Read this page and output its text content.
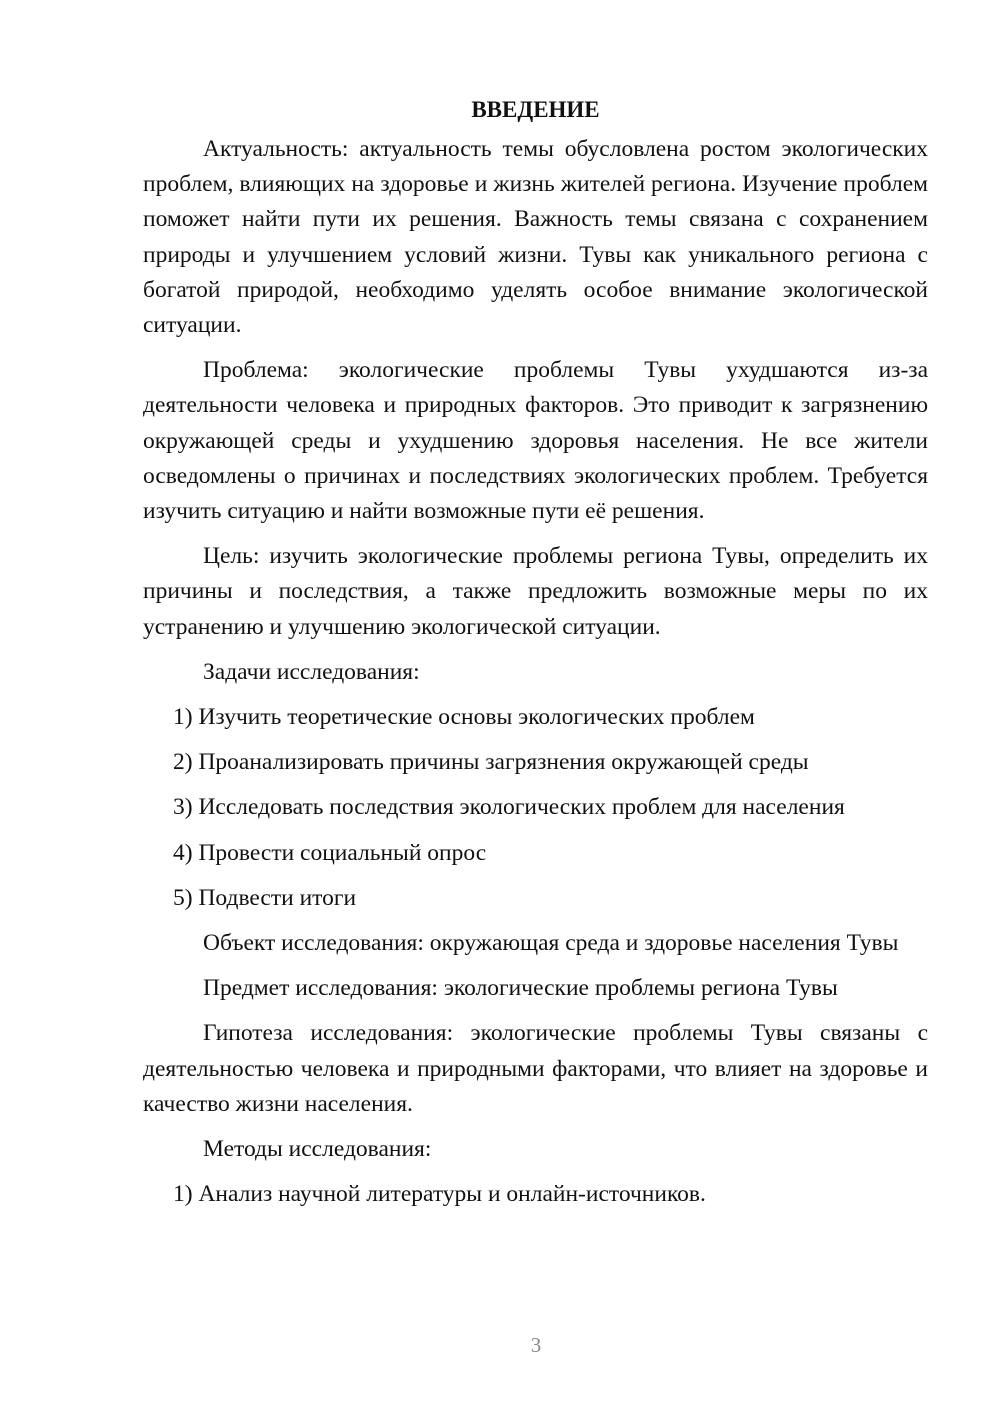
ВВЕДЕНИЕ

Актуальность: актуальность темы обусловлена ростом экологических проблем, влияющих на здоровье и жизнь жителей региона. Изучение проблем поможет найти пути их решения. Важность темы связана с сохранением природы и улучшением условий жизни. Тувы как уникального региона с богатой природой, необходимо уделять особое внимание экологической ситуации.

Проблема: экологические проблемы Тувы ухудшаются из-за деятельности человека и природных факторов. Это приводит к загрязнению окружающей среды и ухудшению здоровья населения. Не все жители осведомлены о причинах и последствиях экологических проблем. Требуется изучить ситуацию и найти возможные пути её решения.

Цель: изучить экологические проблемы региона Тувы, определить их причины и последствия, а также предложить возможные меры по их устранению и улучшению экологической ситуации.

Задачи исследования:

1) Изучить теоретические основы экологических проблем
2) Проанализировать причины загрязнения окружающей среды
3) Исследовать последствия экологических проблем для населения
4) Провести социальный опрос
5) Подвести итоги

Объект исследования: окружающая среда и здоровье населения Тувы

Предмет исследования: экологические проблемы региона Тувы

Гипотеза исследования: экологические проблемы Тувы связаны с деятельностью человека и природными факторами, что влияет на здоровье и качество жизни населения.

Методы исследования:

1) Анализ научной литературы и онлайн-источников.
3
